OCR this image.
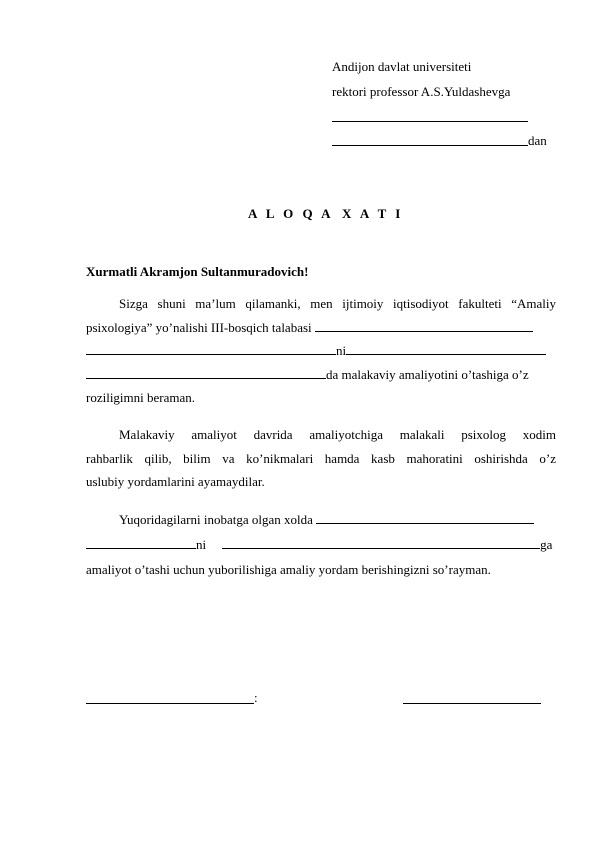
Andijon davlat universiteti
rektori professor A.S.Yuldashevga
dan
A L O Q A X A T I
Xurmatli Akramjon Sultanmuradovich!
Sizga shuni ma’lum qilamanki, men ijtimoiy iqtisodiyot fakulteti “Amaliy
psixologiya” yo’nalishi III-bosqich talabasi
ni
da malakaviy amaliyotini o’tashiga o’z
roziligimni beraman.
Malakaviy amaliyot davrida amaliyotchiga malakali psixolog xodim
rahbarlik qilib, bilim va ko’nikmalari hamda kasb mahoratini oshirishda o’z
uslubiy yordamlarini ayamaydilar.
Yuqoridagilarni inobatga olgan xolda
ni	ga
amaliyot o’tashi uchun yuborilishiga amaliy yordam berishingizni so’rayman.
:
